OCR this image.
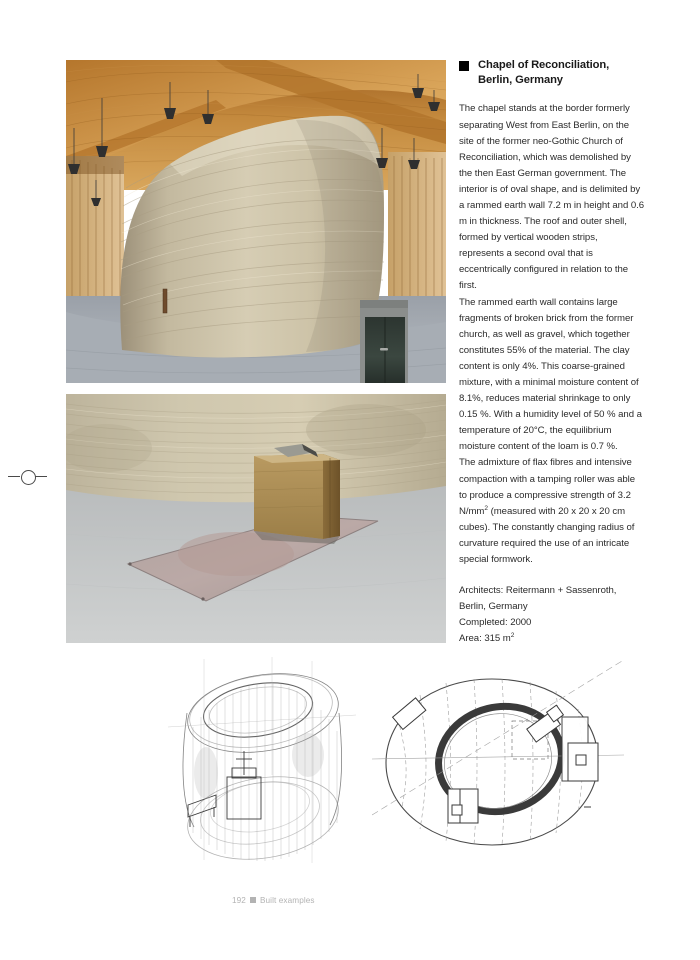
Chapel of Reconciliation, Berlin, Germany

The chapel stands at the border formerly separating West from East Berlin, on the site of the former neo-Gothic Church of Reconciliation, which was demolished by the then East German government. The interior is of oval shape, and is delimited by a rammed earth wall 7.2 m in height and 0.6 m in thickness. The roof and outer shell, formed by vertical wooden strips, represents a second oval that is eccentrically configured in relation to the first.

The rammed earth wall contains large fragments of broken brick from the former church, as well as gravel, which together constitutes 55% of the material. The clay content is only 4%. This coarse-grained mixture, with a minimal moisture content of 8.1%, reduces material shrinkage to only 0.15 %. With a humidity level of 50 % and a temperature of 20°C, the equilibrium moisture content of the loam is 0.7 %.

The admixture of flax fibres and intensive compaction with a tamping roller was able to produce a compressive strength of 3.2 $N/mm^2$ (measured with 20 x 20 x 20 cm cubes). The constantly changing radius of curvature required the use of an intricate special formwork.

Architects: Reitermann + Sassenroth, Berlin, Germany
Completed: 2000
Area: 315 $m^2$
192 Built examples
